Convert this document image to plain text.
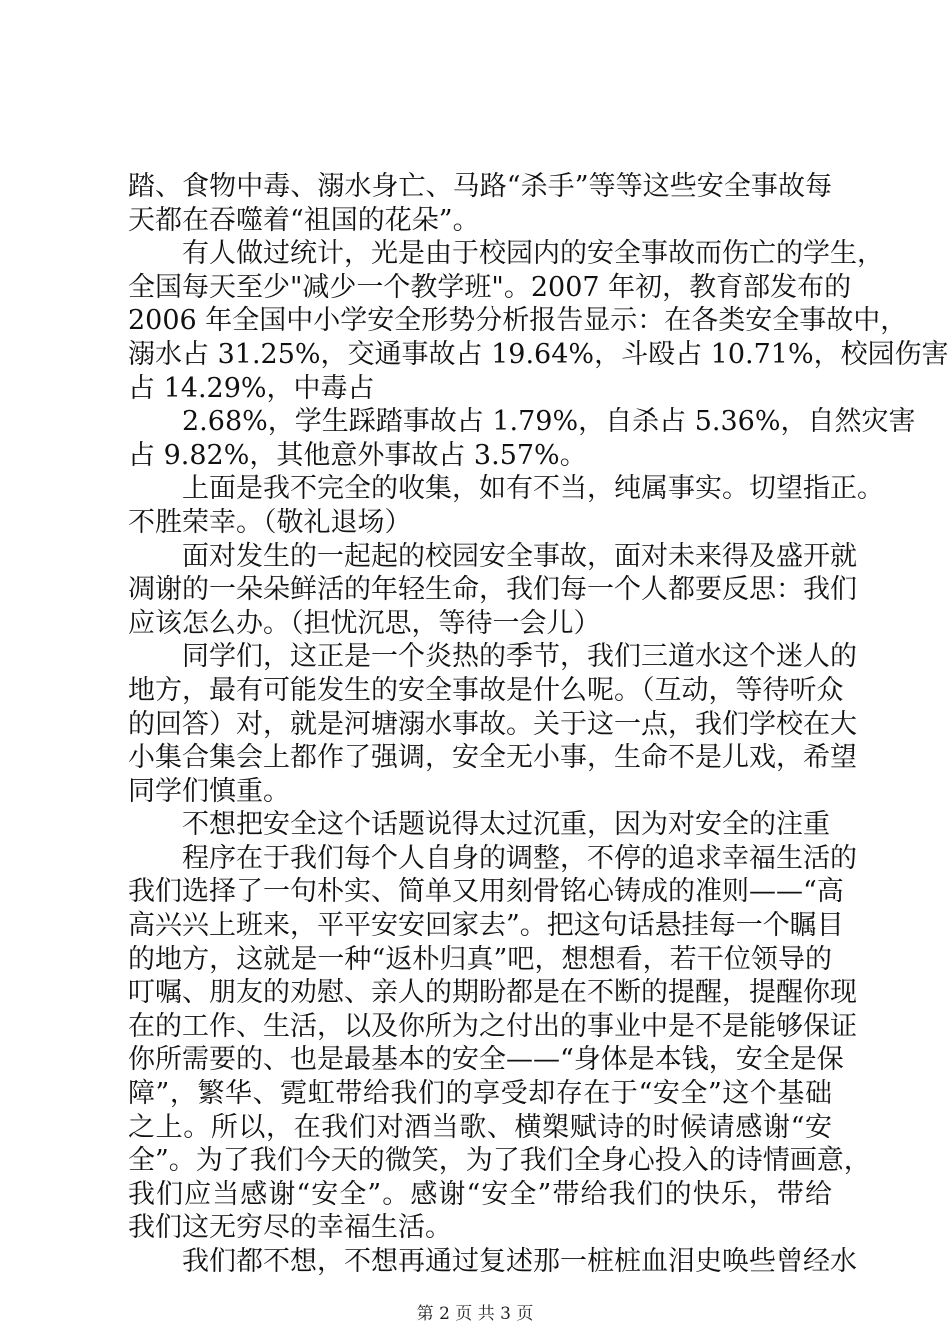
踏、食物中毒、溺水身亡、马路“杀手”等等这些安全事故每
天都在吞噬着“祖国的花朵”。
有人做过统计，光是由于校园内的安全事故而伤亡的学生，
全国每天至少"减少一个教学班"。2007 年初，教育部发布的
2006 年全国中小学安全形势分析报告显示：在各类安全事故中，
溺水占 31.25%，交通事故占 19.64%，斗殴占 10.71%，校园伤害
占 14.29%，中毒占
2.68%，学生踩踏事故占 1.79%，自杀占 5.36%，自然灾害
占 9.82%，其他意外事故占 3.57%。
上面是我不完全的收集，如有不当，纯属事实。切望指正。
不胜荣幸。（敬礼退场）
面对发生的一起起的校园安全事故，面对未来得及盛开就
凋谢的一朵朵鲜活的年轻生命，我们每一个人都要反思：我们
应该怎么办。（担忧沉思，等待一会儿）
同学们，这正是一个炎热的季节，我们三道水这个迷人的
地方，最有可能发生的安全事故是什么呢。（互动，等待听众
的回答）对，就是河塘溺水事故。关于这一点，我们学校在大
小集合集会上都作了强调，安全无小事，生命不是儿戏，希望
同学们慎重。
不想把安全这个话题说得太过沉重，因为对安全的注重
程序在于我们每个人自身的调整，不停的追求幸福生活的
我们选择了一句朴实、简单又用刻骨铭心铸成的准则——“高
高兴兴上班来，平平安安回家去”。把这句话悬挂每一个瞩目
的地方，这就是一种“返朴归真”吧，想想看，若干位领导的
叮嘱、朋友的劝慰、亲人的期盼都是在不断的提醒，提醒你现
在的工作、生活，以及你所为之付出的事业中是不是能够保证
你所需要的、也是最基本的安全——“身体是本钱，安全是保
障”，繁华、霓虹带给我们的享受却存在于“安全”这个基础
之上。所以，在我们对酒当歌、横槊赋诗的时候请感谢“安
全”。为了我们今天的微笑，为了我们全身心投入的诗情画意，
我们应当感谢“安全”。感谢“安全”带给我们的快乐，带给
我们这无穷尽的幸福生活。
我们都不想，不想再通过复述那一桩桩血泪史唤些曾经水
第 2 页 共 3 页
